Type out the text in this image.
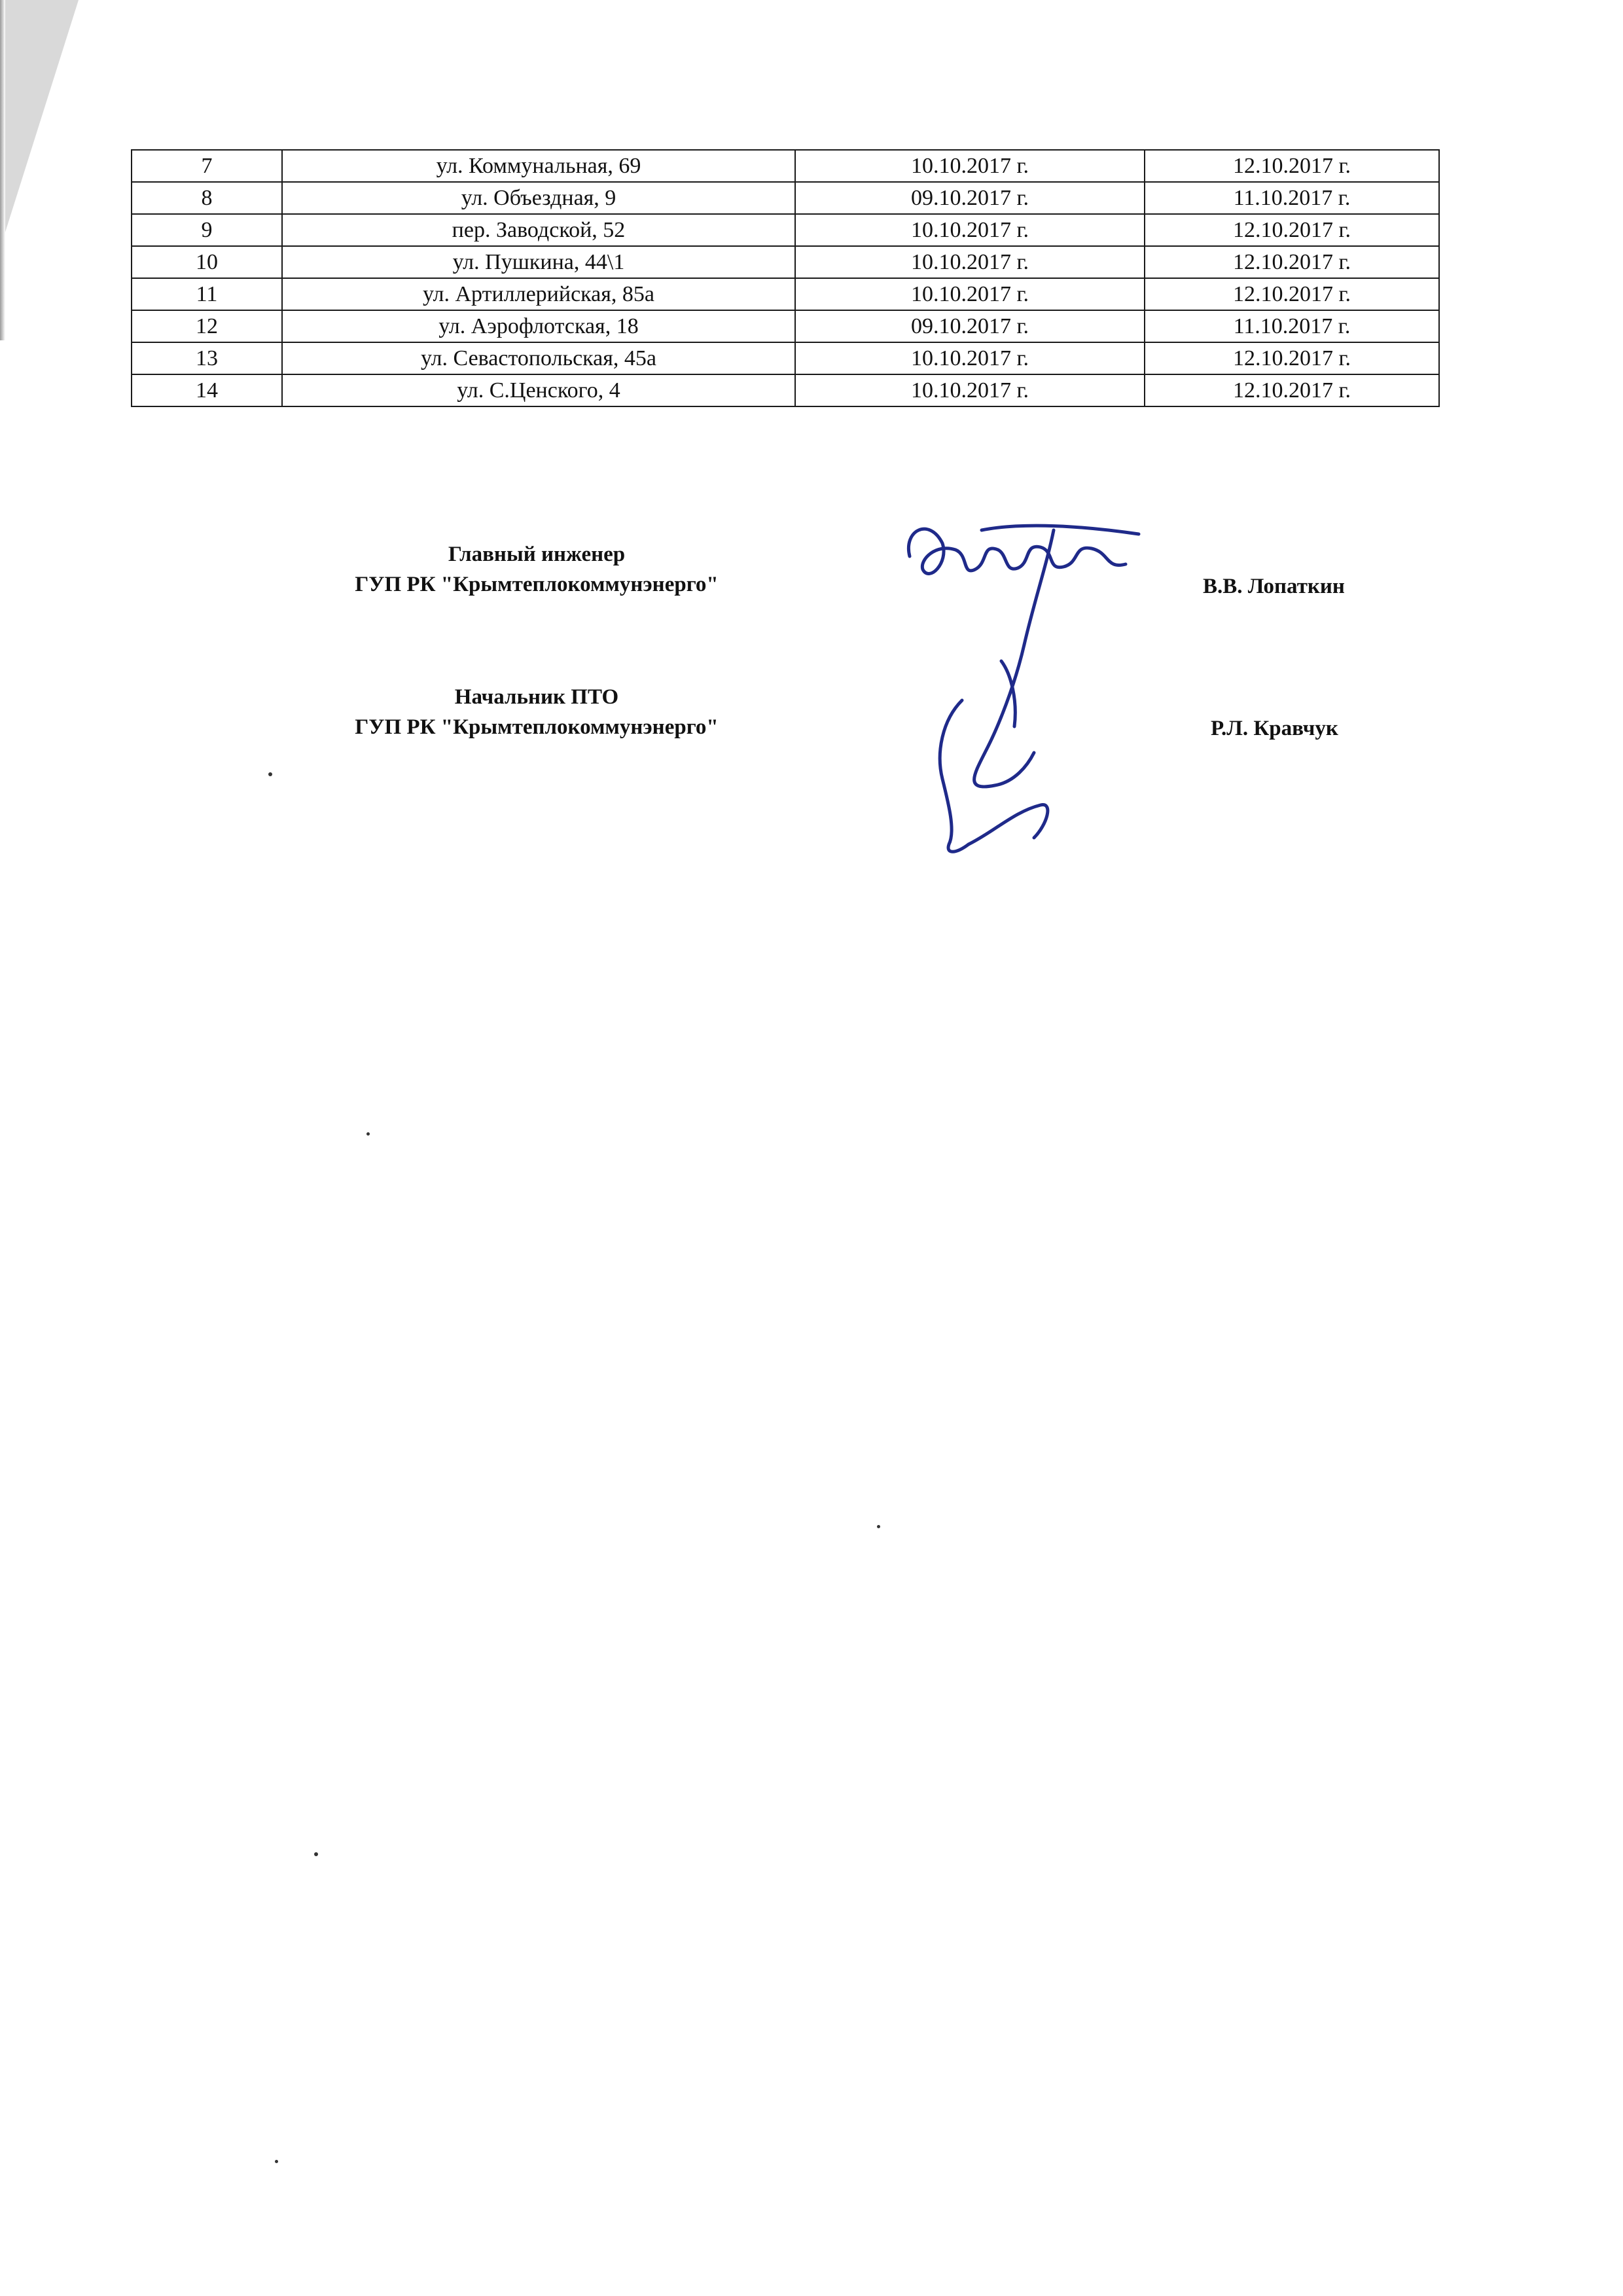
7	ул. Коммунальная, 69	10.10.2017 г.	12.10.2017 г.
8	ул. Объездная, 9	09.10.2017 г.	11.10.2017 г.
9	пер. Заводской, 52	10.10.2017 г.	12.10.2017 г.
10	ул. Пушкина, 44\1	10.10.2017 г.	12.10.2017 г.
11	ул. Артиллерийская, 85а	10.10.2017 г.	12.10.2017 г.
12	ул. Аэрофлотская, 18	09.10.2017 г.	11.10.2017 г.
13	ул. Севастопольская, 45а	10.10.2017 г.	12.10.2017 г.
14	ул. С.Ценского, 4	10.10.2017 г.	12.10.2017 г.
Главный инженер
ГУП РК "Крымтеплокоммунэнерго"	В.В. Лопаткин
Начальник ПТО
ГУП РК "Крымтеплокоммунэнерго"	Р.Л. Кравчук
